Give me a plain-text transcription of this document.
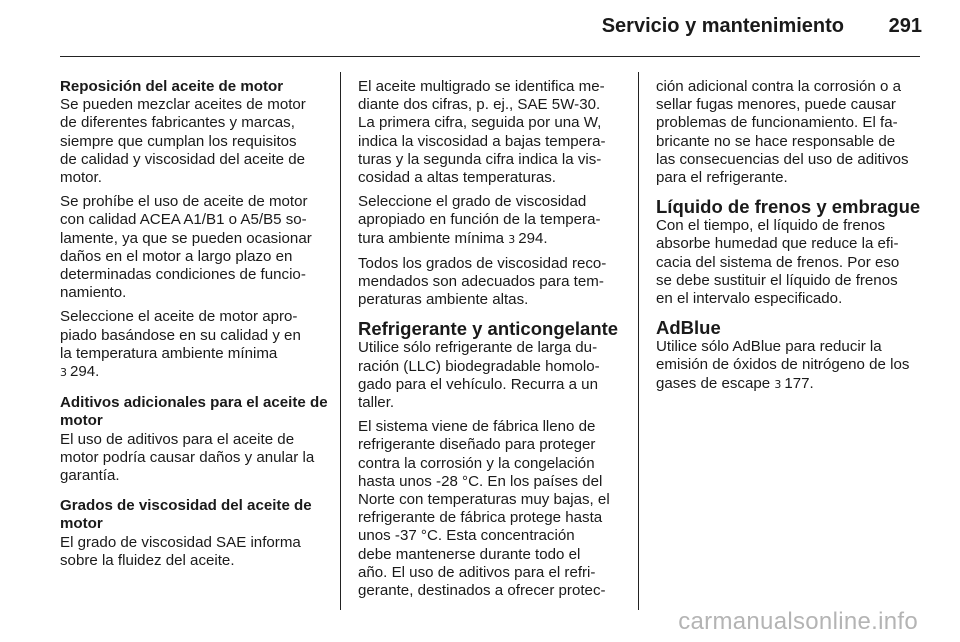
Servicio y mantenimiento 291
Reposición del aceite de motor
Se pueden mezclar aceites de motor
de diferentes fabricantes y marcas,
siempre que cumplan los requisitos
de calidad y viscosidad del aceite de
motor.
Se prohíbe el uso de aceite de motor
con calidad ACEA A1/B1 o A5/B5 so-
lamente, ya que se pueden ocasionar
daños en el motor a largo plazo en
determinadas condiciones de funcio-
namiento.
Seleccione el aceite de motor apro-
piado basándose en su calidad y en
la temperatura ambiente mínima
3 294.
Aditivos adicionales para el aceite de
motor
El uso de aditivos para el aceite de
motor podría causar daños y anular la
garantía.
Grados de viscosidad del aceite de
motor
El grado de viscosidad SAE informa
sobre la fluidez del aceite.
El aceite multigrado se identifica me-
diante dos cifras, p. ej., SAE 5W-30.
La primera cifra, seguida por una W,
indica la viscosidad a bajas tempera-
turas y la segunda cifra indica la vis-
cosidad a altas temperaturas.
Seleccione el grado de viscosidad
apropiado en función de la tempera-
tura ambiente mínima 3 294.
Todos los grados de viscosidad reco-
mendados son adecuados para tem-
peraturas ambiente altas.
Refrigerante y anticongelante
Utilice sólo refrigerante de larga du-
ración (LLC) biodegradable homolo-
gado para el vehículo. Recurra a un
taller.
El sistema viene de fábrica lleno de
refrigerante diseñado para proteger
contra la corrosión y la congelación
hasta unos -28 °C. En los países del
Norte con temperaturas muy bajas, el
refrigerante de fábrica protege hasta
unos -37 °C. Esta concentración
debe mantenerse durante todo el
año. El uso de aditivos para el refri-
gerante, destinados a ofrecer protec-
ción adicional contra la corrosión o a
sellar fugas menores, puede causar
problemas de funcionamiento. El fa-
bricante no se hace responsable de
las consecuencias del uso de aditivos
para el refrigerante.
Líquido de frenos y embrague
Con el tiempo, el líquido de frenos
absorbe humedad que reduce la efi-
cacia del sistema de frenos. Por eso
se debe sustituir el líquido de frenos
en el intervalo especificado.
AdBlue
Utilice sólo AdBlue para reducir la
emisión de óxidos de nitrógeno de los
gases de escape 3 177.
carmanualsonline.info
